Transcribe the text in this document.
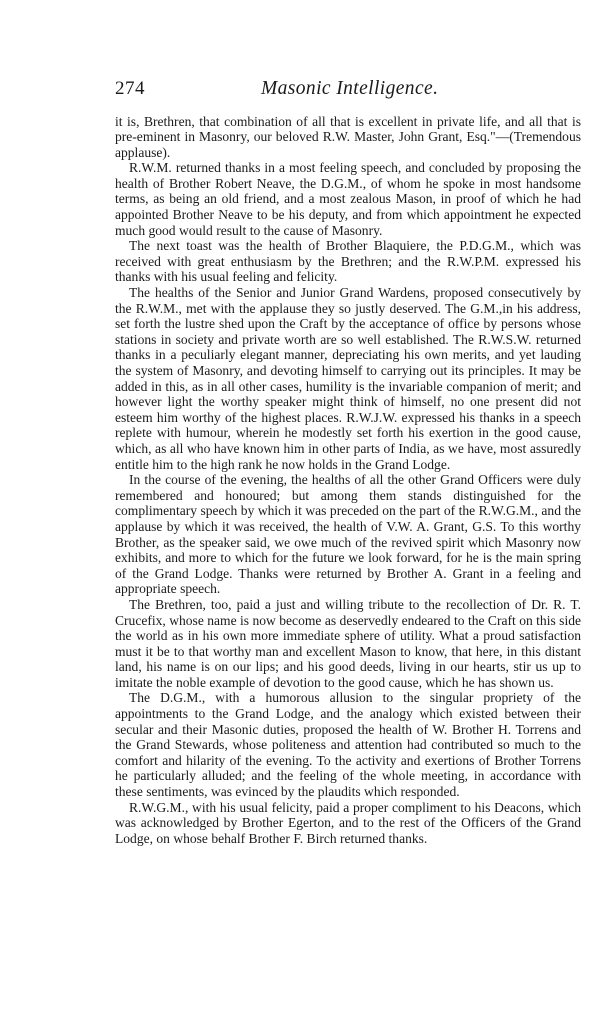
274	Masonic Intelligence.

it is, Brethren, that combination of all that is excellent in private life, and all that is pre-eminent in Masonry, our beloved R.W. Master, John Grant, Esq."—(Tremendous applause).

R.W.M. returned thanks in a most feeling speech, and concluded by proposing the health of Brother Robert Neave, the D.G.M., of whom he spoke in most handsome terms, as being an old friend, and a most zealous Mason, in proof of which he had appointed Brother Neave to be his deputy, and from which appointment he expected much good would result to the cause of Masonry.

The next toast was the health of Brother Blaquiere, the P.D.G.M., which was received with great enthusiasm by the Brethren; and the R.W.P.M. expressed his thanks with his usual feeling and felicity.

The healths of the Senior and Junior Grand Wardens, proposed consecutively by the R.W.M., met with the applause they so justly deserved. The G.M.,in his address, set forth the lustre shed upon the Craft by the acceptance of office by persons whose stations in society and private worth are so well established. The R.W.S.W. returned thanks in a peculiarly elegant manner, depreciating his own merits, and yet lauding the system of Masonry, and devoting himself to carrying out its principles. It may be added in this, as in all other cases, humility is the invariable companion of merit; and however light the worthy speaker might think of himself, no one present did not esteem him worthy of the highest places. R.W.J.W. expressed his thanks in a speech replete with humour, wherein he modestly set forth his exertion in the good cause, which, as all who have known him in other parts of India, as we have, most assuredly entitle him to the high rank he now holds in the Grand Lodge.

In the course of the evening, the healths of all the other Grand Officers were duly remembered and honoured; but among them stands distinguished for the complimentary speech by which it was preceded on the part of the R.W.G.M., and the applause by which it was received, the health of V.W. A. Grant, G.S. To this worthy Brother, as the speaker said, we owe much of the revived spirit which Masonry now exhibits, and more to which for the future we look forward, for he is the main spring of the Grand Lodge. Thanks were returned by Brother A. Grant in a feeling and appropriate speech.

The Brethren, too, paid a just and willing tribute to the recollection of Dr. R. T. Crucefix, whose name is now become as deservedly endeared to the Craft on this side the world as in his own more immediate sphere of utility. What a proud satisfaction must it be to that worthy man and excellent Mason to know, that here, in this distant land, his name is on our lips; and his good deeds, living in our hearts, stir us up to imitate the noble example of devotion to the good cause, which he has shown us.

The D.G.M., with a humorous allusion to the singular propriety of the appointments to the Grand Lodge, and the analogy which existed between their secular and their Masonic duties, proposed the health of W. Brother H. Torrens and the Grand Stewards, whose politeness and attention had contributed so much to the comfort and hilarity of the evening. To the activity and exertions of Brother Torrens he particularly alluded; and the feeling of the whole meeting, in accordance with these sentiments, was evinced by the plaudits which responded.

R.W.G.M., with his usual felicity, paid a proper compliment to his Deacons, which was acknowledged by Brother Egerton, and to the rest of the Officers of the Grand Lodge, on whose behalf Brother F. Birch returned thanks.
